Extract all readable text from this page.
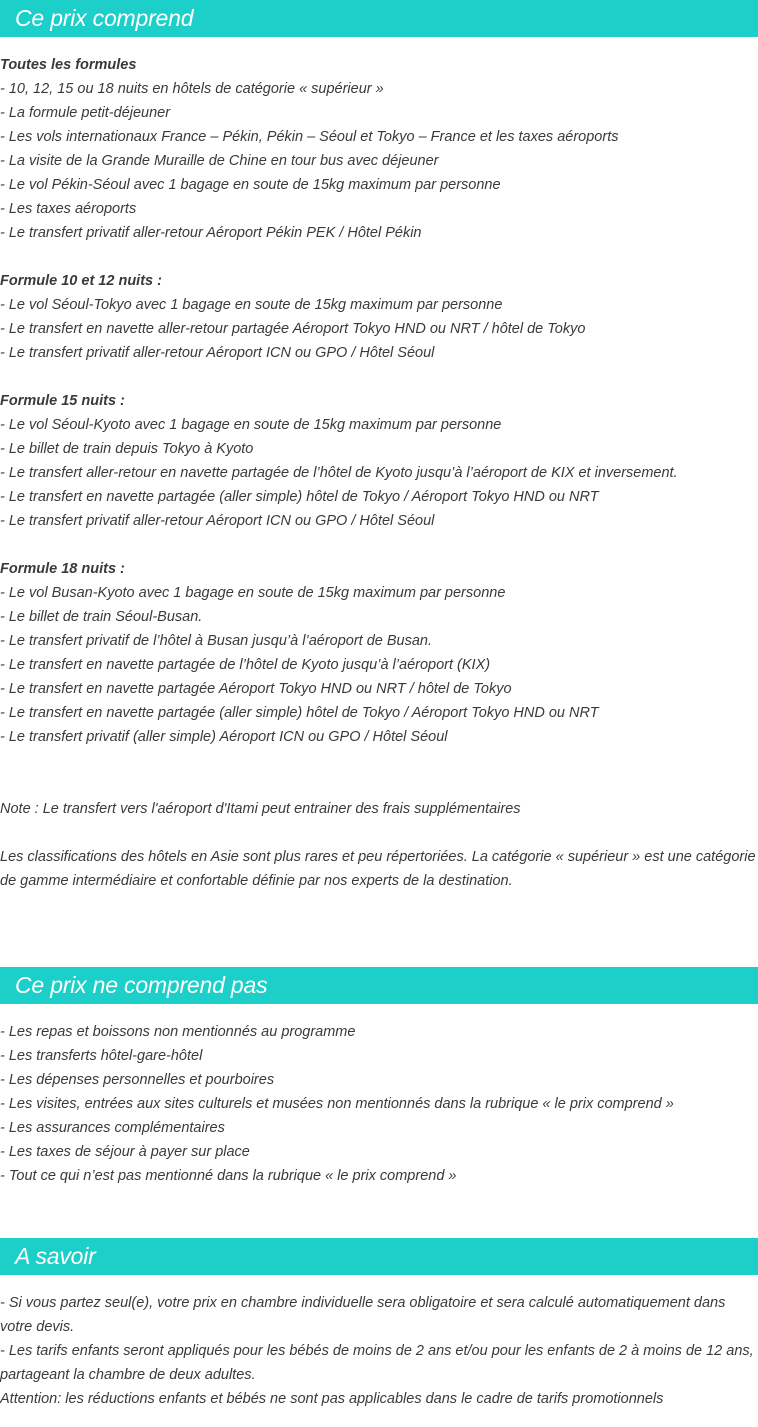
Ce prix comprend
Toutes les formules
- 10, 12, 15 ou 18 nuits en hôtels de catégorie « supérieur »
- La formule petit-déjeuner
- Les vols internationaux France – Pékin, Pékin – Séoul et Tokyo – France et les taxes aéroports
- La visite de la Grande Muraille de Chine en tour bus avec déjeuner
- Le vol Pékin-Séoul avec 1 bagage en soute de 15kg maximum par personne
- Les taxes aéroports
- Le transfert privatif aller-retour Aéroport Pékin PEK / Hôtel Pékin
Formule 10 et 12 nuits :
- Le vol Séoul-Tokyo avec 1 bagage en soute de 15kg maximum par personne
- Le transfert en navette aller-retour partagée Aéroport Tokyo HND ou NRT / hôtel de Tokyo
- Le transfert privatif aller-retour Aéroport ICN ou GPO / Hôtel Séoul
Formule 15 nuits :
- Le vol Séoul-Kyoto avec 1 bagage en soute de 15kg maximum par personne
- Le billet de train depuis Tokyo à Kyoto
- Le transfert aller-retour en navette partagée de l’hôtel de Kyoto jusqu’à l’aéroport de KIX et inversement.
- Le transfert en navette partagée (aller simple) hôtel de Tokyo / Aéroport Tokyo HND ou NRT
- Le transfert privatif aller-retour Aéroport ICN ou GPO / Hôtel Séoul
Formule 18 nuits :
- Le vol Busan-Kyoto avec 1 bagage en soute de 15kg maximum par personne
- Le billet de train Séoul-Busan.
- Le transfert privatif de l’hôtel à Busan jusqu’à l’aéroport de Busan.
- Le transfert en navette partagée de l’hôtel de Kyoto jusqu’à l’aéroport (KIX)
- Le transfert en navette partagée Aéroport Tokyo HND ou NRT / hôtel de Tokyo
- Le transfert en navette partagée (aller simple) hôtel de Tokyo / Aéroport Tokyo HND ou NRT
- Le transfert privatif (aller simple) Aéroport ICN ou GPO / Hôtel Séoul
Note : Le transfert vers l'aéroport d'Itami peut entrainer des frais supplémentaires
Les classifications des hôtels en Asie sont plus rares et peu répertoriées. La catégorie « supérieur » est une catégorie de gamme intermédiaire et confortable définie par nos experts de la destination.
Ce prix ne comprend pas
- Les repas et boissons non mentionnés au programme
- Les transferts hôtel-gare-hôtel
- Les dépenses personnelles et pourboires
- Les visites, entrées aux sites culturels et musées non mentionnés dans la rubrique « le prix comprend »
- Les assurances complémentaires
- Les taxes de séjour à payer sur place
- Tout ce qui n’est pas mentionné dans la rubrique « le prix comprend »
A savoir
- Si vous partez seul(e), votre prix en chambre individuelle sera obligatoire et sera calculé automatiquement dans votre devis.
- Les tarifs enfants seront appliqués pour les bébés de moins de 2 ans et/ou pour les enfants de 2 à moins de 12 ans, partageant la chambre de deux adultes.
Attention: les réductions enfants et bébés ne sont pas applicables dans le cadre de tarifs promotionnels
